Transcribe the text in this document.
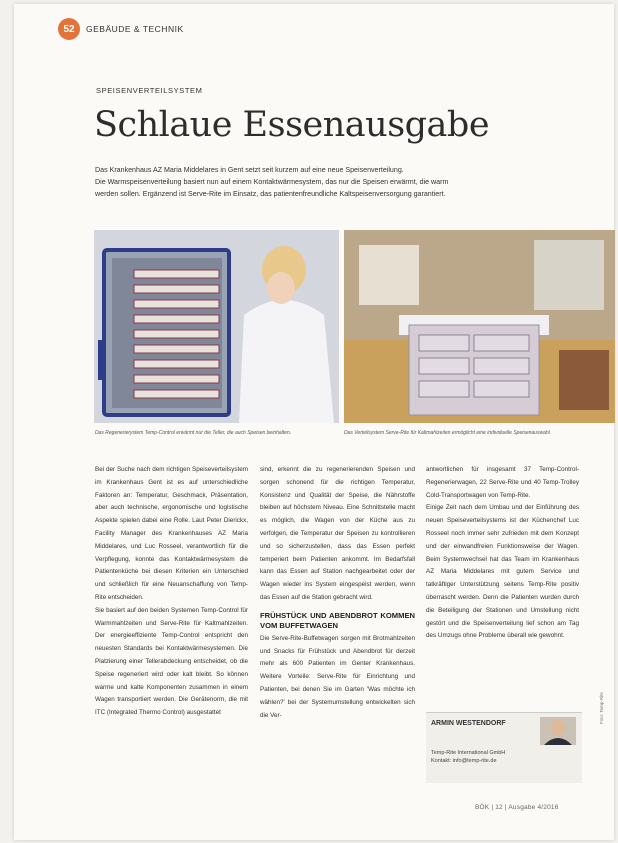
52	GEBÄUDE & TECHNIK
SPEISENVERTEILSYSTEM
Schlaue Essenausgabe

Das Krankenhaus AZ Maria Middelares in Gent setzt seit kurzem auf eine neue Speisenverteilung.

Die Warmspeisenverteilung basiert nun auf einem Kontaktwärmesystem, das nur die Speisen erwärmt, die warm

werden sollen. Ergänzend ist Serve-Rite im Einsatz, das patientenfreundliche Kaltspeisenversorgung garantiert.

Das Regenerierystem Temp-Control erwärmt nur die Teller, die auch Speisen beinhalten.	Das Verteilsystem Serve-Rite für Kaltmahlzeiten ermöglicht eine individuelle Speisenauswahl.

Bei der Suche nach dem richtigen Speiseverteilsystem im Krankenhaus Gent ist es auf unterschiedliche Faktoren an: Temperatur, Geschmack, Präsentation, aber auch technische, ergonomische und logistische Aspekte spielen dabei eine Rolle. Laut Peter Dierickx, Facility Manager des Krankenhauses AZ Maria Middelares, und Luc Rosseel, verantwortlich für die Verpflegung, konnte das Kontaktwärmesystem die Patientenküche bei diesen Kriterien ein Unterschied und schließlich für eine Neuanschaffung von Temp-Rite entscheiden.

Sie basiert auf den beiden Systemen Temp-Control für Warmmahlzeiten und Serve-Rite für Kaltmahlzeiten. Der energieeffiziente Temp-Control entspricht den neuesten Standards bei Kontaktwärmesystemen. Die Platzierung einer Tellerabdeckung entscheidet, ob die Speise regeneriert wird oder kalt bleibt. So können warme und kalte Komponenten zusammen in einem Wagen transportiert werden. Die Gerätenorm, die mit ITC (Integrated Thermo Control) ausgestattet

sind, erkennt die zu regenerierenden Speisen und sorgen schonend für die richtigen Temperatur, Konsistenz und Qualität der Speise, die Nährstoffe bleiben auf höchstem Niveau. Eine Schnittstelle macht es möglich, die Wagen von der Küche aus zu verfolgen, die Temperatur der Speisen zu kontrollieren und so sicherzustellen, dass das Essen perfekt temperiert beim Patienten ankommt. Im Bedarfsfall kann das Essen auf Station nachgearbeitet oder der Wagen wieder ins System eingespeist werden, wenn das Essen auf die Station gebracht wird.

FRÜHSTÜCK UND ABENDBROT KOMMEN VOM BUFFETWAGEN

Die Serve-Rite-Buffetwagen sorgen mit Brotmahlzeiten und Snacks für Frühstück und Abendbrot für derzeit mehr als 600 Patienten im Genter Krankenhaus. Weitere Vorteile: Serve-Rite für Einrichtung und Patienten, bei denen Sie im Garten 'Was möchte ich wählen?' bei der Systemumstellung entwickelten sich die Ver-

antwortlichen für insgesamt 37 Temp-Control-Regenerierwagen, 22 Serve-Rite und 40 Temp-Trolley Cold-Transportwagen von Temp-Rite.

Einige Zeit nach dem Umbau und der Einführung des neuen Speiseverteilsystems ist der Küchenchef Luc Rosseel noch immer sehr zufrieden mit dem Konzept und der einwandfreien Funktionsweise der Wagen. Beim Systemwechsel hat das Team im Krankenhaus AZ Maria Middelares mit gutem Service und tatkräftiger Unterstützung seitens Temp-Rite positiv überrascht werden. Denn die Patienten wurden durch die Beteiligung der Stationen und Umstellung nicht gestört und die Speisenverteilung lief schon am Tag des Umzugs ohne Probleme überall wie gewohnt.

ARMIN WESTENDORF
Temp-Rite International GmbH
Kontakt: info@temp-rite.de
Foto: Temp-Rite
BÖK | 12 | Ausgabe 4/2016
